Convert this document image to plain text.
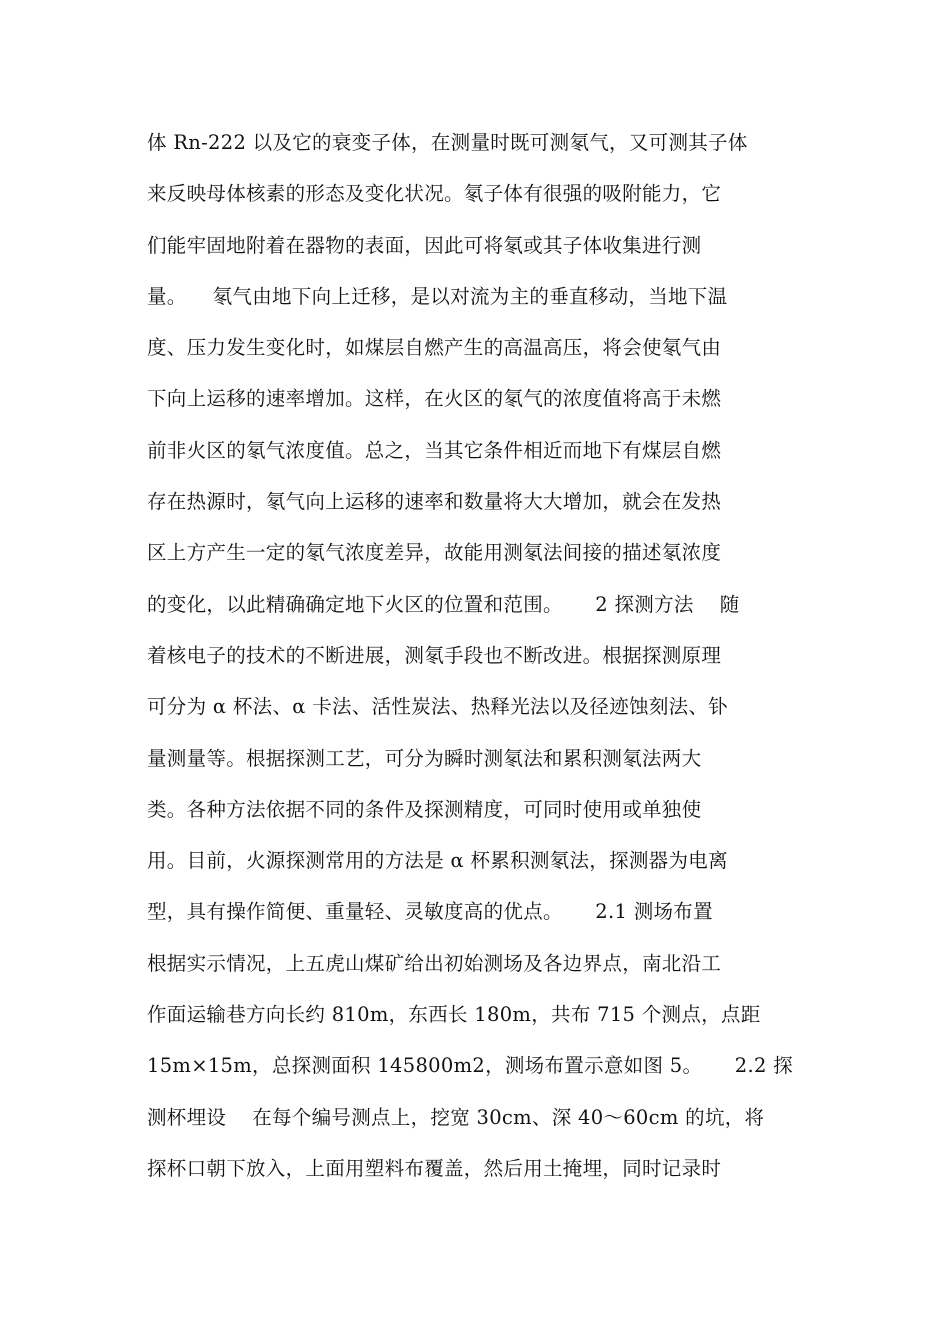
体 Rn-222 以及它的衰变子体，在测量时既可测氡气，又可测其子体
来反映母体核素的形态及变化状况。氡子体有很强的吸附能力，它
们能牢固地附着在器物的表面，因此可将氡或其子体收集进行测
量。    氡气由地下向上迁移，是以对流为主的垂直移动，当地下温
度、压力发生变化时，如煤层自燃产生的高温高压，将会使氡气由
下向上运移的速率增加。这样，在火区的氡气的浓度值将高于未燃
前非火区的氡气浓度值。总之，当其它条件相近而地下有煤层自燃
存在热源时，氡气向上运移的速率和数量将大大增加，就会在发热
区上方产生一定的氡气浓度差异，故能用测氡法间接的描述氡浓度
的变化，以此精确确定地下火区的位置和范围。     2 探测方法    随
着核电子的技术的不断进展，测氡手段也不断改进。根据探测原理
可分为 α 杯法、α 卡法、活性炭法、热释光法以及径迹蚀刻法、钋
量测量等。根据探测工艺，可分为瞬时测氡法和累积测氡法两大
类。各种方法依据不同的条件及探测精度，可同时使用或单独使
用。目前，火源探测常用的方法是 α 杯累积测氡法，探测器为电离
型，具有操作简便、重量轻、灵敏度高的优点。     2.1 测场布置
根据实示情况，上五虎山煤矿给出初始测场及各边界点，南北沿工
作面运输巷方向长约 810m，东西长 180m，共布 715 个测点，点距
15m×15m，总探测面积 145800m2，测场布置示意如图 5。     2.2 探
测杯埋设    在每个编号测点上，挖宽 30cm、深 40～60cm 的坑，将
探杯口朝下放入，上面用塑料布覆盖，然后用土掩埋，同时记录时
